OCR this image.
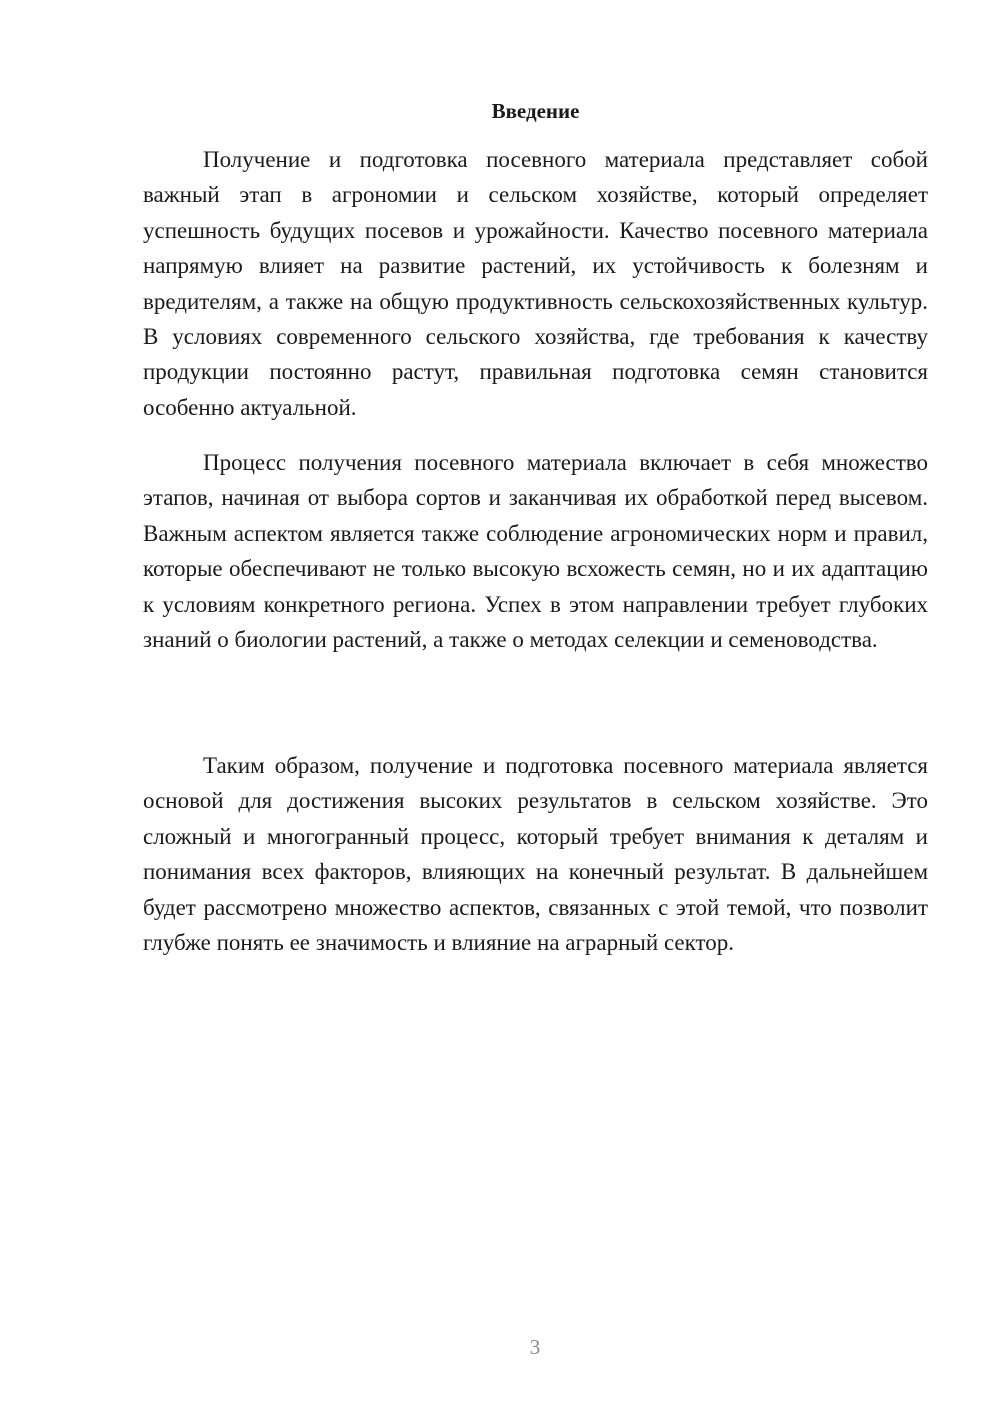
Введение

Получение и подготовка посевного материала представляет собой важный этап в агрономии и сельском хозяйстве, который определяет успешность будущих посевов и урожайности. Качество посевного материала напрямую влияет на развитие растений, их устойчивость к болезням и вредителям, а также на общую продуктивность сельскохозяйственных культур. В условиях современного сельского хозяйства, где требования к качеству продукции постоянно растут, правильная подготовка семян становится особенно актуальной.

Процесс получения посевного материала включает в себя множество этапов, начиная от выбора сортов и заканчивая их обработкой перед высевом. Важным аспектом является также соблюдение агрономических норм и правил, которые обеспечивают не только высокую всхожесть семян, но и их адаптацию к условиям конкретного региона. Успех в этом направлении требует глубоких знаний о биологии растений, а также о методах селекции и семеноводства.

Таким образом, получение и подготовка посевного материала является основой для достижения высоких результатов в сельском хозяйстве. Это сложный и многогранный процесс, который требует внимания к деталям и понимания всех факторов, влияющих на конечный результат. В дальнейшем будет рассмотрено множество аспектов, связанных с этой темой, что позволит глубже понять ее значимость и влияние на аграрный сектор.

3
